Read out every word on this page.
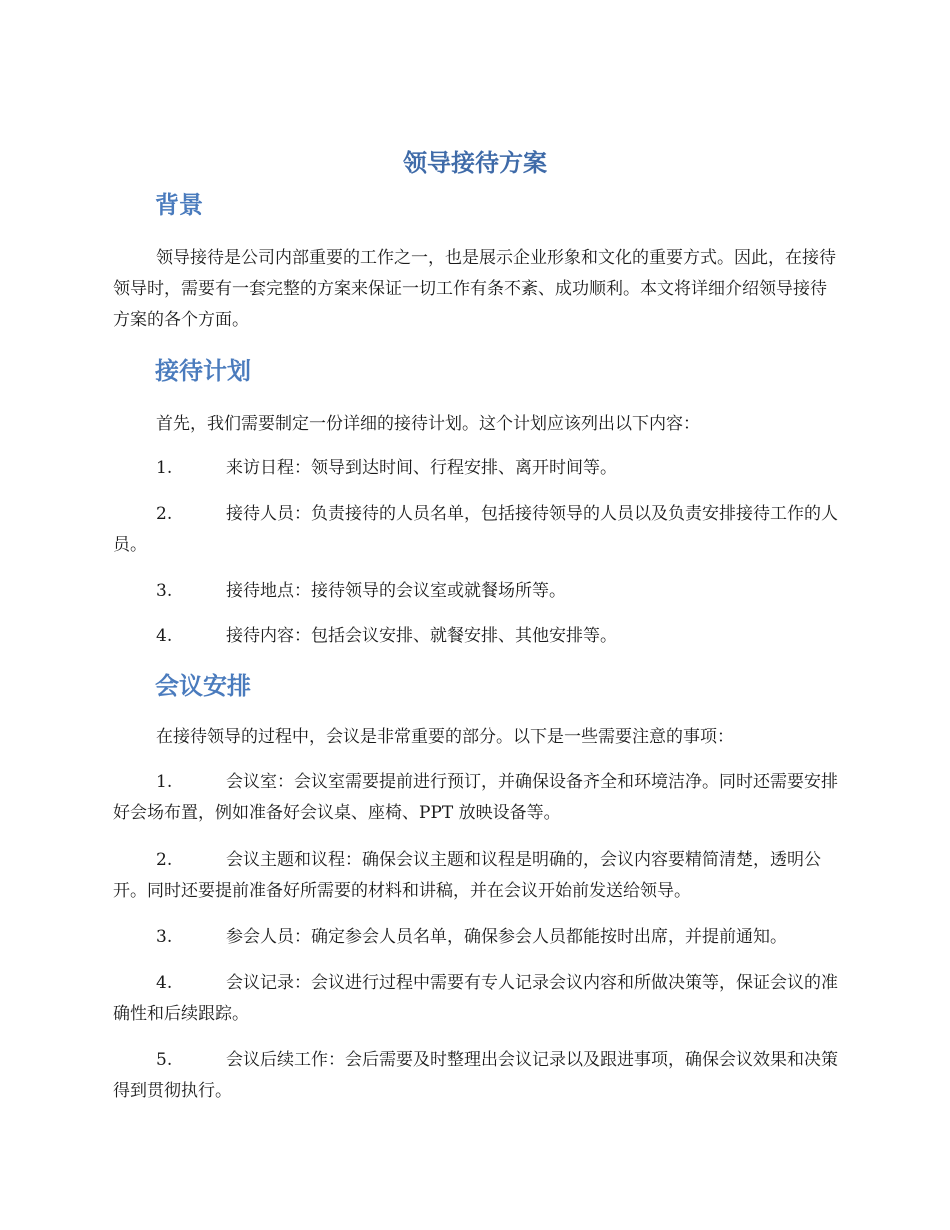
领导接待方案
背景

领导接待是公司内部重要的工作之一，也是展示企业形象和文化的重要方式。因此，在接待领导时，需要有一套完整的方案来保证一切工作有条不紊、成功顺利。本文将详细介绍领导接待方案的各个方面。

接待计划

首先，我们需要制定一份详细的接待计划。这个计划应该列出以下内容：

1.	来访日程：领导到达时间、行程安排、离开时间等。
2.	接待人员：负责接待的人员名单，包括接待领导的人员以及负责安排接待工作的人员。
3.	接待地点：接待领导的会议室或就餐场所等。
4.	接待内容：包括会议安排、就餐安排、其他安排等。
会议安排

在接待领导的过程中，会议是非常重要的部分。以下是一些需要注意的事项：

1.	会议室：会议室需要提前进行预订，并确保设备齐全和环境洁净。同时还需要安排好会场布置，例如准备好会议桌、座椅、PPT 放映设备等。
2.	会议主题和议程：确保会议主题和议程是明确的，会议内容要精简清楚，透明公开。同时还要提前准备好所需要的材料和讲稿，并在会议开始前发送给领导。
3.	参会人员：确定参会人员名单，确保参会人员都能按时出席，并提前通知。
4.	会议记录：会议进行过程中需要有专人记录会议内容和所做决策等，保证会议的准确性和后续跟踪。
5.	会议后续工作：会后需要及时整理出会议记录以及跟进事项，确保会议效果和决策得到贯彻执行。
